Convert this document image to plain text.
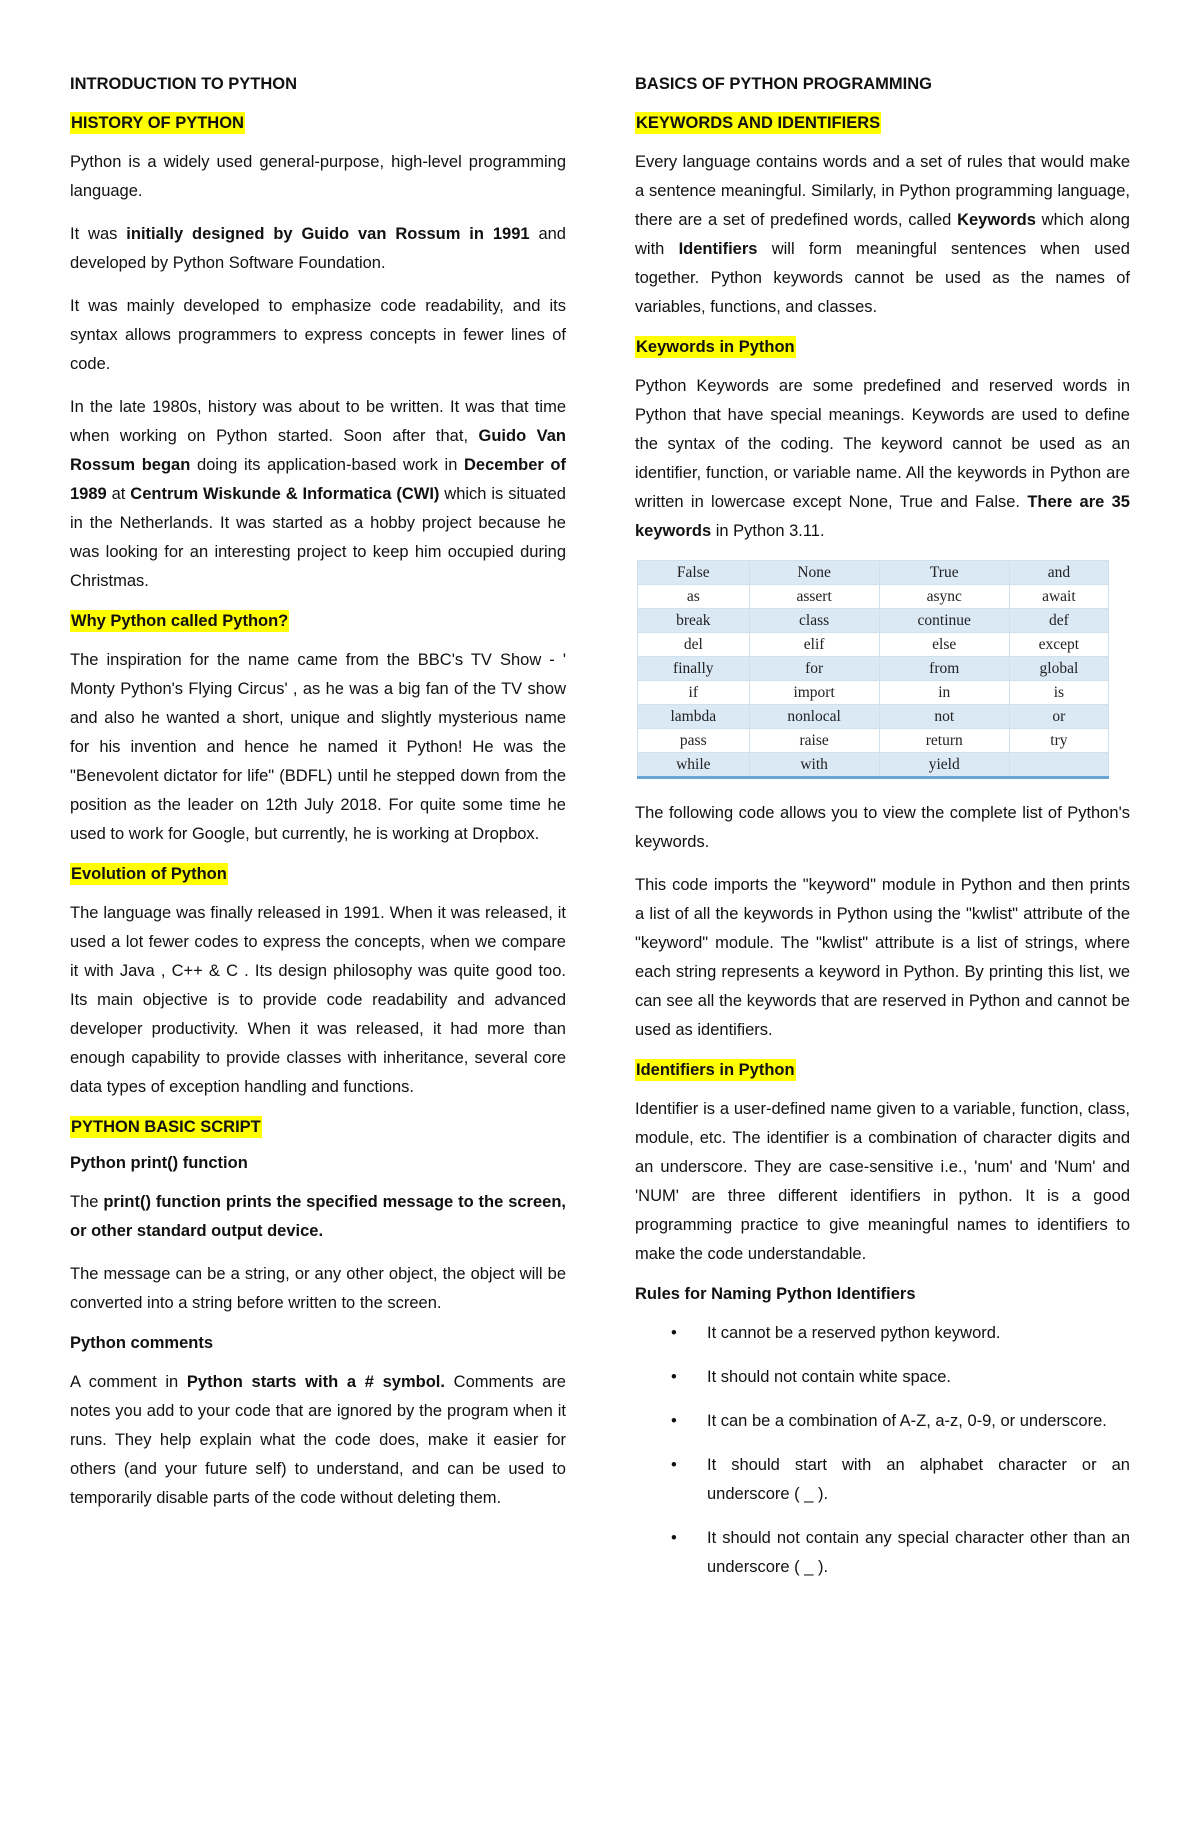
INTRODUCTION TO PYTHON
HISTORY OF PYTHON

Python is a widely used general-purpose, high-level programming language.

It was initially designed by Guido van Rossum in 1991 and developed by Python Software Foundation.

It was mainly developed to emphasize code readability, and its syntax allows programmers to express concepts in fewer lines of code.

In the late 1980s, history was about to be written. It was that time when working on Python started. Soon after that, Guido Van Rossum began doing its application-based work in December of 1989 at Centrum Wiskunde & Informatica (CWI) which is situated in the Netherlands. It was started as a hobby project because he was looking for an interesting project to keep him occupied during Christmas.

Why Python called Python?

The inspiration for the name came from the BBC's TV Show - ' Monty Python's Flying Circus' , as he was a big fan of the TV show and also he wanted a short, unique and slightly mysterious name for his invention and hence he named it Python! He was the "Benevolent dictator for life" (BDFL) until he stepped down from the position as the leader on 12th July 2018. For quite some time he used to work for Google, but currently, he is working at Dropbox.

Evolution of Python

The language was finally released in 1991. When it was released, it used a lot fewer codes to express the concepts, when we compare it with Java , C++ & C . Its design philosophy was quite good too. Its main objective is to provide code readability and advanced developer productivity. When it was released, it had more than enough capability to provide classes with inheritance, several core data types of exception handling and functions.

PYTHON BASIC SCRIPT
Python print() function

The print() function prints the specified message to the screen, or other standard output device.

The message can be a string, or any other object, the object will be converted into a string before written to the screen.

Python comments

A comment in Python starts with a # symbol. Comments are notes you add to your code that are ignored by the program when it runs. They help explain what the code does, make it easier for others (and your future self) to understand, and can be used to temporarily disable parts of the code without deleting them.

BASICS OF PYTHON PROGRAMMING
KEYWORDS AND IDENTIFIERS

Every language contains words and a set of rules that would make a sentence meaningful. Similarly, in Python programming language, there are a set of predefined words, called Keywords which along with Identifiers will form meaningful sentences when used together. Python keywords cannot be used as the names of variables, functions, and classes.

Keywords in Python

Python Keywords are some predefined and reserved words in Python that have special meanings. Keywords are used to define the syntax of the coding. The keyword cannot be used as an identifier, function, or variable name. All the keywords in Python are written in lowercase except None, True and False. There are 35 keywords in Python 3.11.

False	None	True	and
as	assert	async	await
break	class	continue	def
del	elif	else	except
finally	for	from	global
if	import	in	is
lambda	nonlocal	not	or
pass	raise	return	try
while	with	yield	

The following code allows you to view the complete list of Python's keywords.

This code imports the "keyword" module in Python and then prints a list of all the keywords in Python using the "kwlist" attribute of the "keyword" module. The "kwlist" attribute is a list of strings, where each string represents a keyword in Python. By printing this list, we can see all the keywords that are reserved in Python and cannot be used as identifiers.

Identifiers in Python

Identifier is a user-defined name given to a variable, function, class, module, etc. The identifier is a combination of character digits and an underscore. They are case-sensitive i.e., 'num' and 'Num' and 'NUM' are three different identifiers in python. It is a good programming practice to give meaningful names to identifiers to make the code understandable.

Rules for Naming Python Identifiers
• It cannot be a reserved python keyword.
• It should not contain white space.
• It can be a combination of A-Z, a-z, 0-9, or underscore.
• It should start with an alphabet character or an underscore ( _ ).
• It should not contain any special character other than an underscore ( _ ).
